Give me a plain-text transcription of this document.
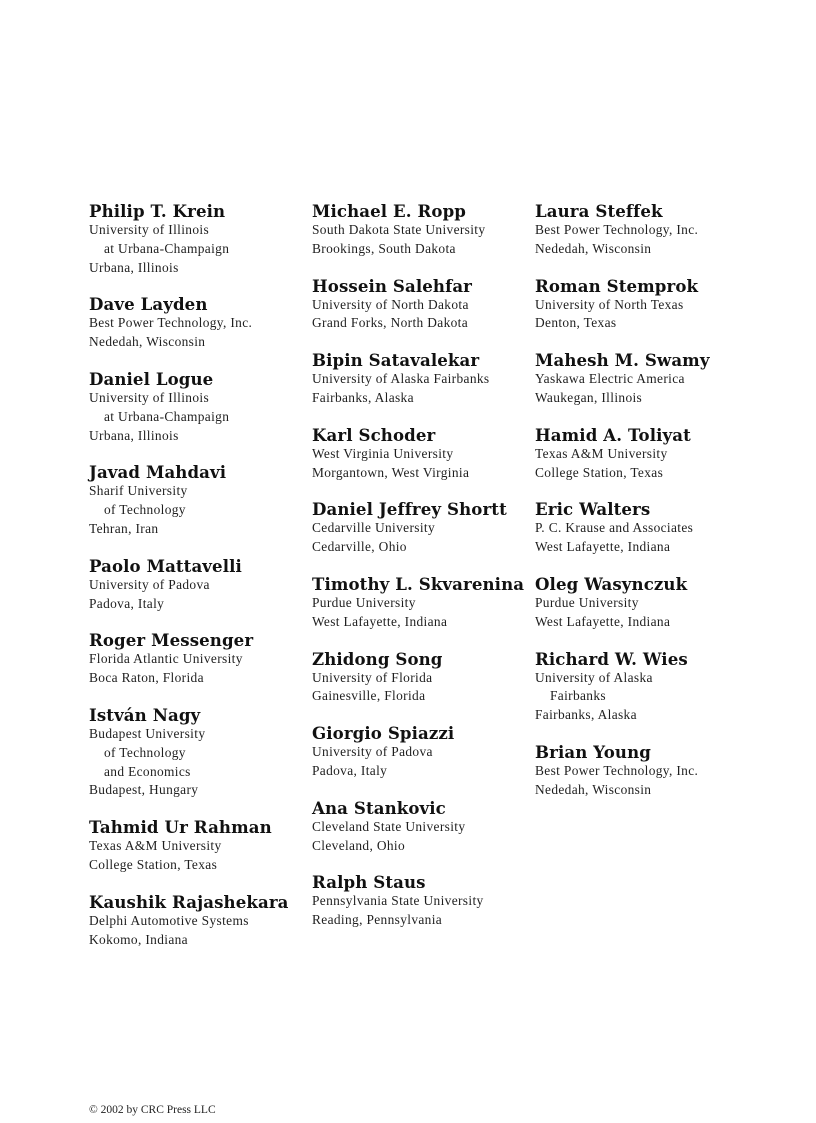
Philip T. Krein
University of Illinois
at Urbana-Champaign
Urbana, Illinois
Dave Layden
Best Power Technology, Inc.
Nededah, Wisconsin
Daniel Logue
University of Illinois
at Urbana-Champaign
Urbana, Illinois
Javad Mahdavi
Sharif University
of Technology
Tehran, Iran
Paolo Mattavelli
University of Padova
Padova, Italy
Roger Messenger
Florida Atlantic University
Boca Raton, Florida
István Nagy
Budapest University
of Technology
and Economics
Budapest, Hungary
Tahmid Ur Rahman
Texas A&M University
College Station, Texas
Kaushik Rajashekara
Delphi Automotive Systems
Kokomo, Indiana
Michael E. Ropp
South Dakota State University
Brookings, South Dakota
Hossein Salehfar
University of North Dakota
Grand Forks, North Dakota
Bipin Satavalekar
University of Alaska Fairbanks
Fairbanks, Alaska
Karl Schoder
West Virginia University
Morgantown, West Virginia
Daniel Jeffrey Shortt
Cedarville University
Cedarville, Ohio
Timothy L. Skvarenina
Purdue University
West Lafayette, Indiana
Zhidong Song
University of Florida
Gainesville, Florida
Giorgio Spiazzi
University of Padova
Padova, Italy
Ana Stankovic
Cleveland State University
Cleveland, Ohio
Ralph Staus
Pennsylvania State University
Reading, Pennsylvania
Laura Steffek
Best Power Technology, Inc.
Nededah, Wisconsin
Roman Stemprok
University of North Texas
Denton, Texas
Mahesh M. Swamy
Yaskawa Electric America
Waukegan, Illinois
Hamid A. Toliyat
Texas A&M University
College Station, Texas
Eric Walters
P. C. Krause and Associates
West Lafayette, Indiana
Oleg Wasynczuk
Purdue University
West Lafayette, Indiana
Richard W. Wies
University of Alaska
Fairbanks
Fairbanks, Alaska
Brian Young
Best Power Technology, Inc.
Nededah, Wisconsin
© 2002 by CRC Press LLC
